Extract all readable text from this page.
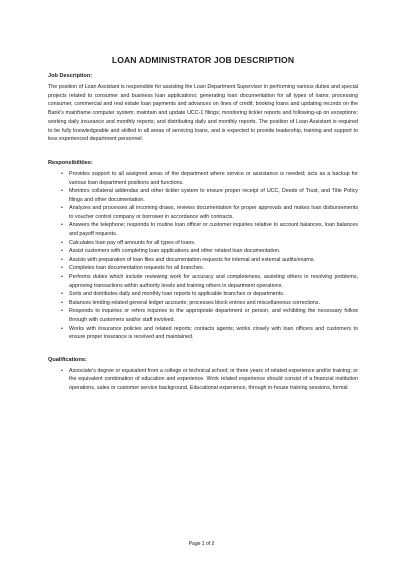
LOAN ADMINISTRATOR JOB DESCRIPTION
Job Description:

The position of Loan Assistant is responsible for assisting the Loan Department Supervisor in performing various duties and special projects related to consumer and business loan applications; generating loan documentation for all types of loans; processing consumer, commercial and real estate loan payments and advances on lines of credit; booking loans and updating records on the Bank's mainframe computer system; maintain and update UCC-1 filings; monitoring tickler reports and following-up on exceptions; working daily insurance and monthly reports; and distributing daily and monthly reports. The position of Loan Assistant is required to be fully knowledgeable and skilled in all areas of servicing loans, and is expected to provide leadership, training and support to less experienced department personnel.

Responsibilities:
• Provides support to all assigned areas of the department where service or assistance is needed; acts as a backup for various loan department positions and functions.
• Monitors collateral addendas and other tickler system to ensure proper receipt of UCC, Deeds of Trust, and Title Policy filings and other documentation.
• Analyzes and processes all incoming draws, reviews documentation for proper approvals and makes loan disbursements to voucher control company or borrower in accordance with contracts.
• Answers the telephone; responds to routine loan officer or customer inquiries relative to account balances, loan balances and payoff requests.
• Calculates loan pay off amounts for all types of loans.
• Assist customers with completing loan applications and other related loan documentation.
• Assists with preparation of loan files and documentation requests for internal and external audits/exams.
• Completes loan documentation requests for all branches.
• Performs duties which include reviewing work for accuracy and completeness, assisting others in resolving problems, approving transactions within authority levels and training others in department operations.
• Sorts and distributes daily and monthly loan reports to applicable branches or departments.
• Balances lending-related general ledger accounts; processes block entries and miscellaneous corrections.
• Responds to inquiries or refers inquiries to the appropriate department or person, and exhibiting the necessary follow through with customers and/or staff involved.
• Works with insurance policies and related reports; contacts agents; works closely with loan officers and customers to ensure proper insurance is received and maintained.
Qualifications:
• Associate's degree or equivalent from a college or technical school; or three years of related experience and/or training; or the equivalent combination of education and experience. Work related experience should consist of a financial institution operations, sales or customer service background. Educational experience, through in-house training sessions, formal
Page 1 of 2
